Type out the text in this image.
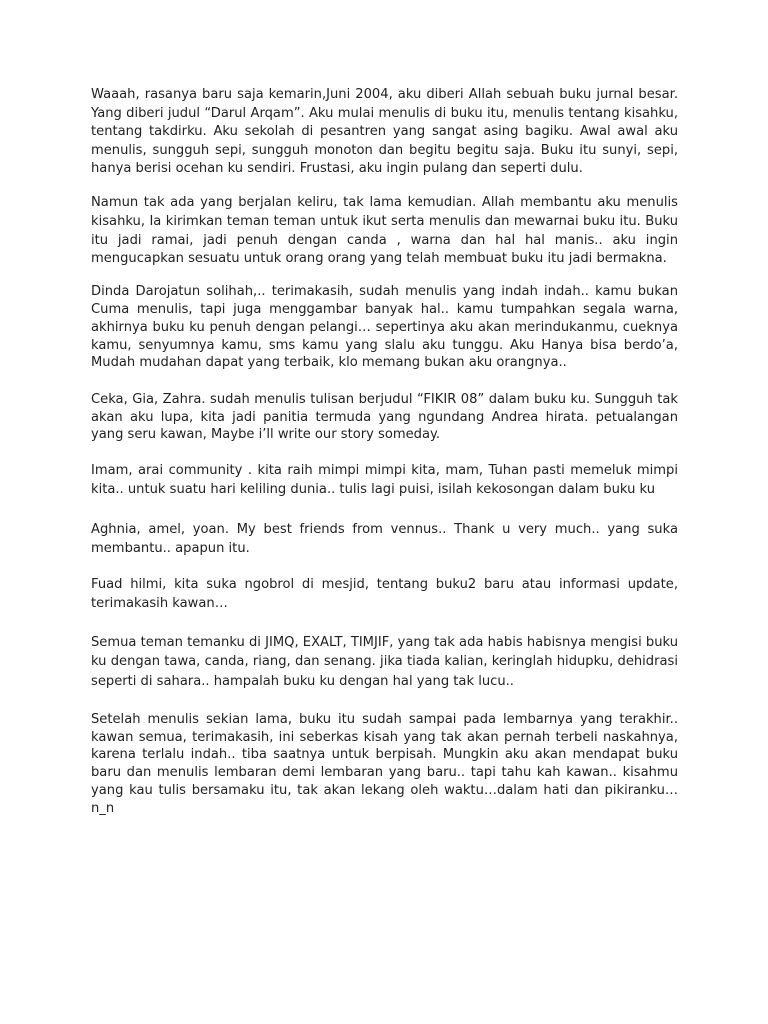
Waaah, rasanya baru saja kemarin,Juni 2004, aku diberi Allah sebuah buku jurnal besar. Yang diberi judul “Darul Arqam”. Aku mulai menulis di buku itu, menulis tentang kisahku, tentang takdirku. Aku sekolah di pesantren yang sangat asing bagiku. Awal awal aku menulis, sungguh sepi, sungguh monoton dan begitu begitu saja. Buku itu sunyi, sepi, hanya berisi ocehan ku sendiri. Frustasi, aku ingin pulang dan seperti dulu.

Namun tak ada yang berjalan keliru, tak lama kemudian. Allah membantu aku menulis kisahku, Ia kirimkan teman teman untuk ikut serta menulis dan mewarnai buku itu. Buku itu jadi ramai, jadi penuh dengan canda , warna dan hal hal manis.. aku ingin mengucapkan sesuatu untuk orang orang yang telah membuat buku itu jadi bermakna.

Dinda Darojatun solihah,.. terimakasih, sudah menulis yang indah indah.. kamu bukan Cuma menulis, tapi juga menggambar banyak hal.. kamu tumpahkan segala warna, akhirnya buku ku penuh dengan pelangi… sepertinya aku akan merindukanmu, cueknya kamu, senyumnya kamu, sms kamu yang slalu aku tunggu. Aku Hanya bisa berdo’a, Mudah mudahan dapat yang terbaik, klo memang bukan aku orangnya..

Ceka, Gia, Zahra. sudah menulis tulisan berjudul “FIKIR 08” dalam buku ku. Sungguh tak akan aku lupa, kita jadi panitia termuda yang ngundang Andrea hirata. petualangan yang seru kawan, Maybe i’ll write our story someday.

Imam, arai community . kita raih mimpi mimpi kita, mam, Tuhan pasti memeluk mimpi kita.. untuk suatu hari keliling dunia.. tulis lagi puisi, isilah kekosongan dalam buku ku

Aghnia, amel, yoan. My best friends from vennus.. Thank u very much.. yang suka membantu.. apapun itu.

Fuad hilmi, kita suka ngobrol di mesjid, tentang buku2 baru atau informasi update, terimakasih kawan…

Semua teman temanku di JIMQ, EXALT, TIMJIF, yang tak ada habis habisnya mengisi buku ku dengan tawa, canda, riang, dan senang. jika tiada kalian, keringlah hidupku, dehidrasi seperti di sahara.. hampalah buku ku dengan hal yang tak lucu..

Setelah menulis sekian lama, buku itu sudah sampai pada lembarnya yang terakhir.. kawan semua, terimakasih, ini seberkas kisah yang tak akan pernah terbeli naskahnya, karena terlalu indah.. tiba saatnya untuk berpisah. Mungkin aku akan mendapat buku baru dan menulis lembaran demi lembaran yang baru.. tapi tahu kah kawan.. kisahmu yang kau tulis bersamaku itu, tak akan lekang oleh waktu…dalam hati dan pikiranku… n_n
